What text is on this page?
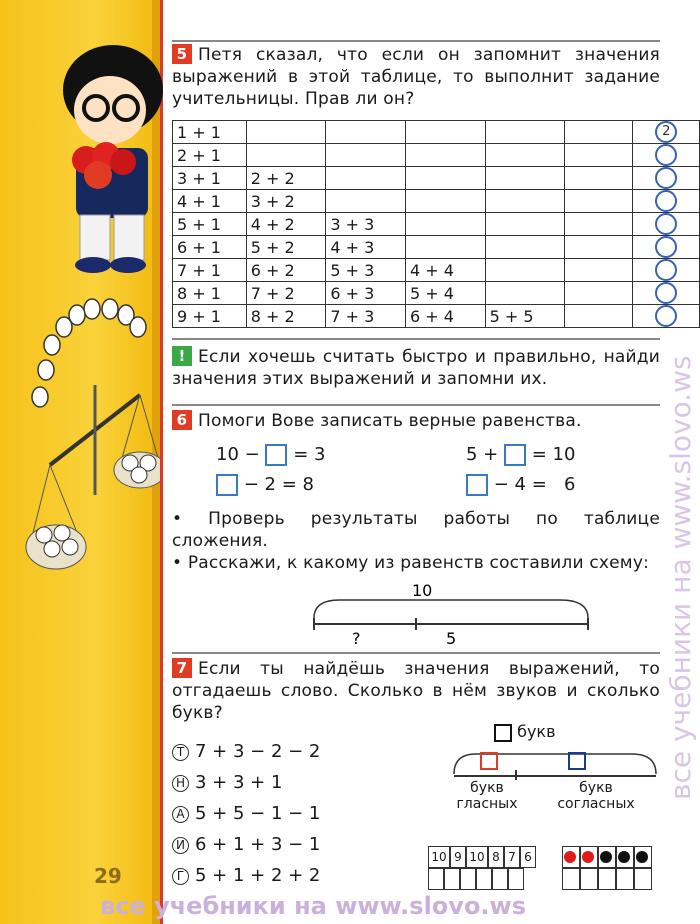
5 Петя сказал, что если он запомнит значения выражений в этой таблице, то выполнит задание учительницы. Прав ли он?
1 + 1						2
2 + 1						
3 + 1	2 + 2					
4 + 1	3 + 2					
5 + 1	4 + 2	3 + 3				
6 + 1	5 + 2	4 + 3				
7 + 1	6 + 2	5 + 3	4 + 4			
8 + 1	7 + 2	6 + 3	5 + 4			
9 + 1	8 + 2	7 + 3	6 + 4	5 + 5		
! Если хочешь считать быстро и правильно, найди значения этих выражений и запомни их.
6 Помоги Вове записать верные равенства.
10 − = 3	5 + = 10
− 2 = 8	− 4 =   6
• Проверь результаты работы по таблице сложения.
• Расскажи, к какому из равенств составили схему:
10
?	5
7 Если ты найдёшь значения выражений, то отгадаешь слово. Сколько в нём звуков и сколько букв?
Т 7 + 3 − 2 − 2
Н 3 + 3 + 1
А 5 + 5 − 1 − 1
И 6 + 1 + 3 − 1
Г 5 + 1 + 2 + 2
букв
букв гласных
букв согласных
10 9 10 8 7 6
29
все учебники на www.slovo.ws
все учебники на www.slovo.ws
